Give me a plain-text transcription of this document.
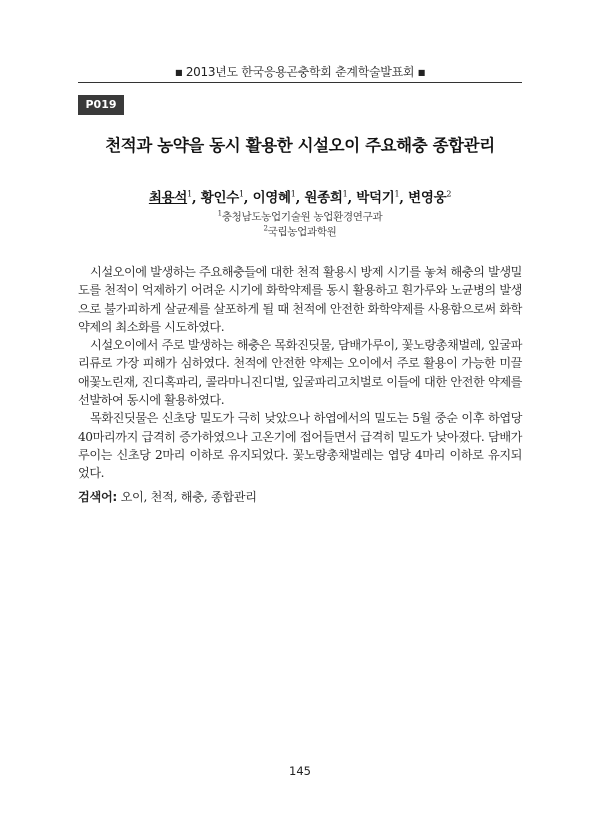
■ 2013년도 한국응용곤충학회 춘계학술발표회 ■
P019
천적과 농약을 동시 활용한 시설오이 주요해충 종합관리
최용석$^1$, 황인수$^1$, 이영혜$^1$, 원종희$^1$, 박덕기$^1$, 변영웅$^2$
$^1$충청남도농업기술원 농업환경연구과
$^2$국립농업과학원

시설오이에 발생하는 주요해충들에 대한 천적 활용시 방제 시기를 놓쳐 해충의 발생밀도를 천적이 억제하기 어려운 시기에 화학약제를 동시 활용하고 흰가루와 노균병의 발생으로 불가피하게 살균제를 살포하게 될 때 천적에 안전한 화학약제를 사용함으로써 화학약제의 최소화를 시도하였다.

시설오이에서 주로 발생하는 해충은 목화진딧물, 담배가루이, 꽃노랑총채벌레, 잎굴파리류로 가장 피해가 심하였다. 천적에 안전한 약제는 오이에서 주로 활용이 가능한 미끌애꽃노린재, 진디혹파리, 콜라마니진디벌, 잎굴파리고치벌로 이들에 대한 안전한 약제를 선발하여 동시에 활용하였다.

목화진딧물은 신초당 밀도가 극히 낮았으나 하엽에서의 밀도는 5월 중순 이후 하엽당 40마리까지 급격히 증가하였으나 고온기에 접어들면서 급격히 밀도가 낮아졌다. 담배가루이는 신초당 2마리 이하로 유지되었다. 꽃노랑총채벌레는 엽당 4마리 이하로 유지되었다.

검색어: 오이, 천적, 해충, 종합관리
145
